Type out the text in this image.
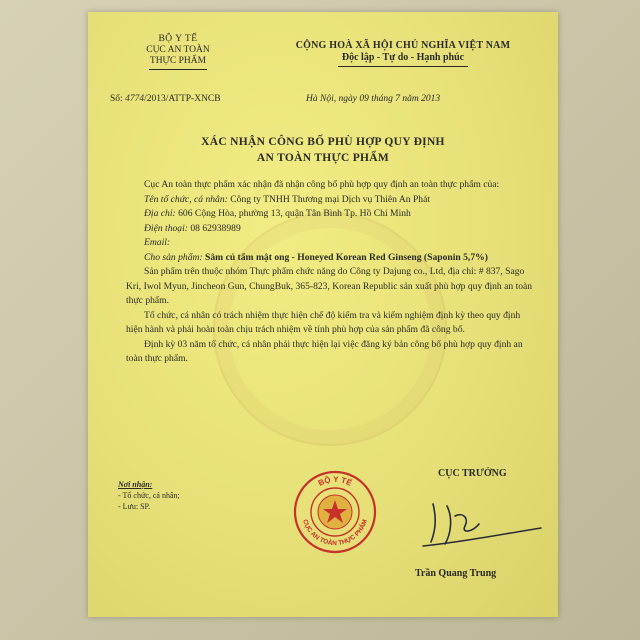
BỘ Y TẾ
CỤC AN TOÀN
THỰC PHẨM
Số: 4774/2013/ATTP-XNCB
CỘNG HOÀ XÃ HỘI CHỦ NGHĨA VIỆT NAM
Độc lập - Tự do - Hạnh phúc
Hà Nội, ngày 09 tháng 7 năm 2013
XÁC NHẬN CÔNG BỐ PHÙ HỢP QUY ĐỊNH
AN TOÀN THỰC PHẨM

Cục An toàn thực phẩm xác nhận đã nhận công bố phù hợp quy định an toàn thực phẩm của:

Tên tổ chức, cá nhân: Công ty TNHH Thương mại Dịch vụ Thiên An Phát

Địa chỉ: 606 Cộng Hòa, phường 13, quận Tân Bình Tp. Hồ Chí Minh

Điện thoại: 08 62938989

Email:

Cho sản phẩm: Sâm củ tẩm mật ong - Honeyed Korean Red Ginseng (Saponin 5,7%)

Sản phẩm trên thuộc nhóm Thực phẩm chức năng do Công ty Dajung co., Ltd, địa chỉ: # 837, Sago Kri, Iwol Myun, Jincheon Gun, ChungBuk, 365-823, Korean Republic sản xuất phù hợp quy định an toàn thực phẩm.

Tổ chức, cá nhân có trách nhiệm thực hiện chế độ kiểm tra và kiểm nghiệm định kỳ theo quy định hiện hành và phải hoàn toàn chịu trách nhiệm về tính phù hợp của sản phẩm đã công bố.

Định kỳ 03 năm tổ chức, cá nhân phải thực hiện lại việc đăng ký bản công bố phù hợp quy định an toàn thực phẩm.

Nơi nhận:
- Tổ chức, cá nhân;
- Lưu: SP.
CỤC TRƯỞNG
BỘ Y TẾ
CỤC AN TOÀN THỰC PHẨM
Trần Quang Trung
